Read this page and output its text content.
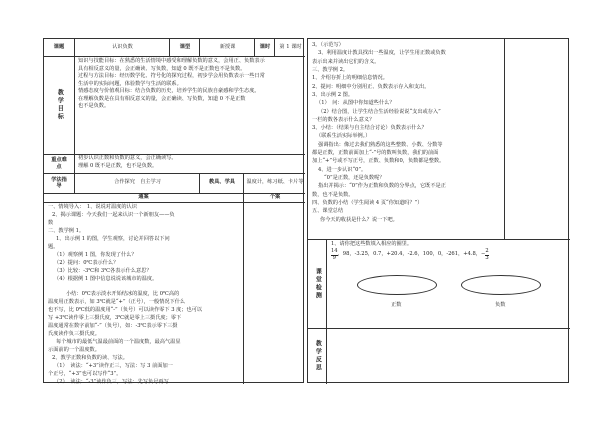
课题	认识负数	课型	新授课	课时	第 1 课时
教学目标
知识与技能目标：在熟悉的生活情境中感受和理解负数的意义，会用正、负数表示
具有相反意义的量，会正确读、写负数，知道 0 既不是正数也不是负数。
过程与方法目标：经历数学化、符号化的探究过程，初步学会用负数表示一些日常
生活中的实际问题，体验数学与生活的联系。
情感态度与价值观目标：结合负数的历史，培养学生的民族自豪感和学生态度。
在理解负数是在具有相反意义的量，会正确读、写负数，知道 0 不是正数
也不是负数。
重点难点
初步认识正数和负数的意义，会正确读写。
理解 0 既不是正数，也不是负数。
学法指导
合作探究　自主学习	教具、学具	温度计，练习纸、卡片等
通案	个案
一、情境导入：　1、说说对温度的认识
2、揭示课题：今天我们一起来认识一个新朋友——负
数
二、教学例 1。
1、出示例 1 的图，学生观察，讨论并回答以下问
题。
（1）观察例 1 图，你发现了什么？
（2）提问：0℃表示什么？
（3）比较：-3℃和 3℃各表示什么意思？
（4）根据例 1 图中信息说说该城市的温度。

小结：0℃表示淡水开始结冰的温度，比 0℃高的
温度用正数表示，如 3℃就是“+”（正号），一般情况下什么
也不写，比 0℃低的温度用“-”（负号）可以读作零下 3 度；也可以
写 +3℃读作零上三摄氏度，3℃就是零上三摄氏度；零下
温度通常在数字前加“-”（负号），如：-3℃表示零下三摄
氏度读作负三摄氏度。
每个城市的最低气温最前面的一个温度数，最高气温显
示面前的一个温度数。
2、教学正数和负数的读、写法。
（1）　读法：“+3”读作正三，写法：写 3 前面加一
个正号，“+3”也可以写作“3”。
（2）　读法：“-3”读作负三，写法：先写负号再写
3。（示范写）
3、利用温度计教具找出一些温度，让学生用正数或负数
表示出来并读出它们的含义。
三、教学例 2。
1、介绍存折上的明细信息情况。
2、提问：明细中分别用正、负数表示存入和支出。
3、出示例 2 图。
（1）　问：从图中你知道些什么？
（2）结合图，让学生结合生活经验说说“支出或存入”
一栏的数各表示什么意义？
3、小结：（结果与自主结合讨论）负数表示什么？
（联系生活实际举例。）
强调指出：像过去我们熟悉的这些整数、小数、分数等
都是正数，正数前面加上“-”号的数叫负数，我们的前面
加上“+”号或不写正号，正数、负数和0，负数都是整数。
4、进一步认识“0”。
“0”是正数，还是负数呢？
指出并揭示：“0”作为正数和负数的分界点，它既不是正
数，也不是负数。
四、负数的小结（学生阅读 4 页“你知道吗？”）
五、课堂总结
你今天的收获是什么？说一下吧。
课堂检测
1、请你把这些数填入相应的圈里。
$\frac{14}{9}$ ，98，-3.25，0.7，+20.4，-2.6，100，0，-261，+4.8， − $\frac{2}{3}$
正数	负数
教学反思
